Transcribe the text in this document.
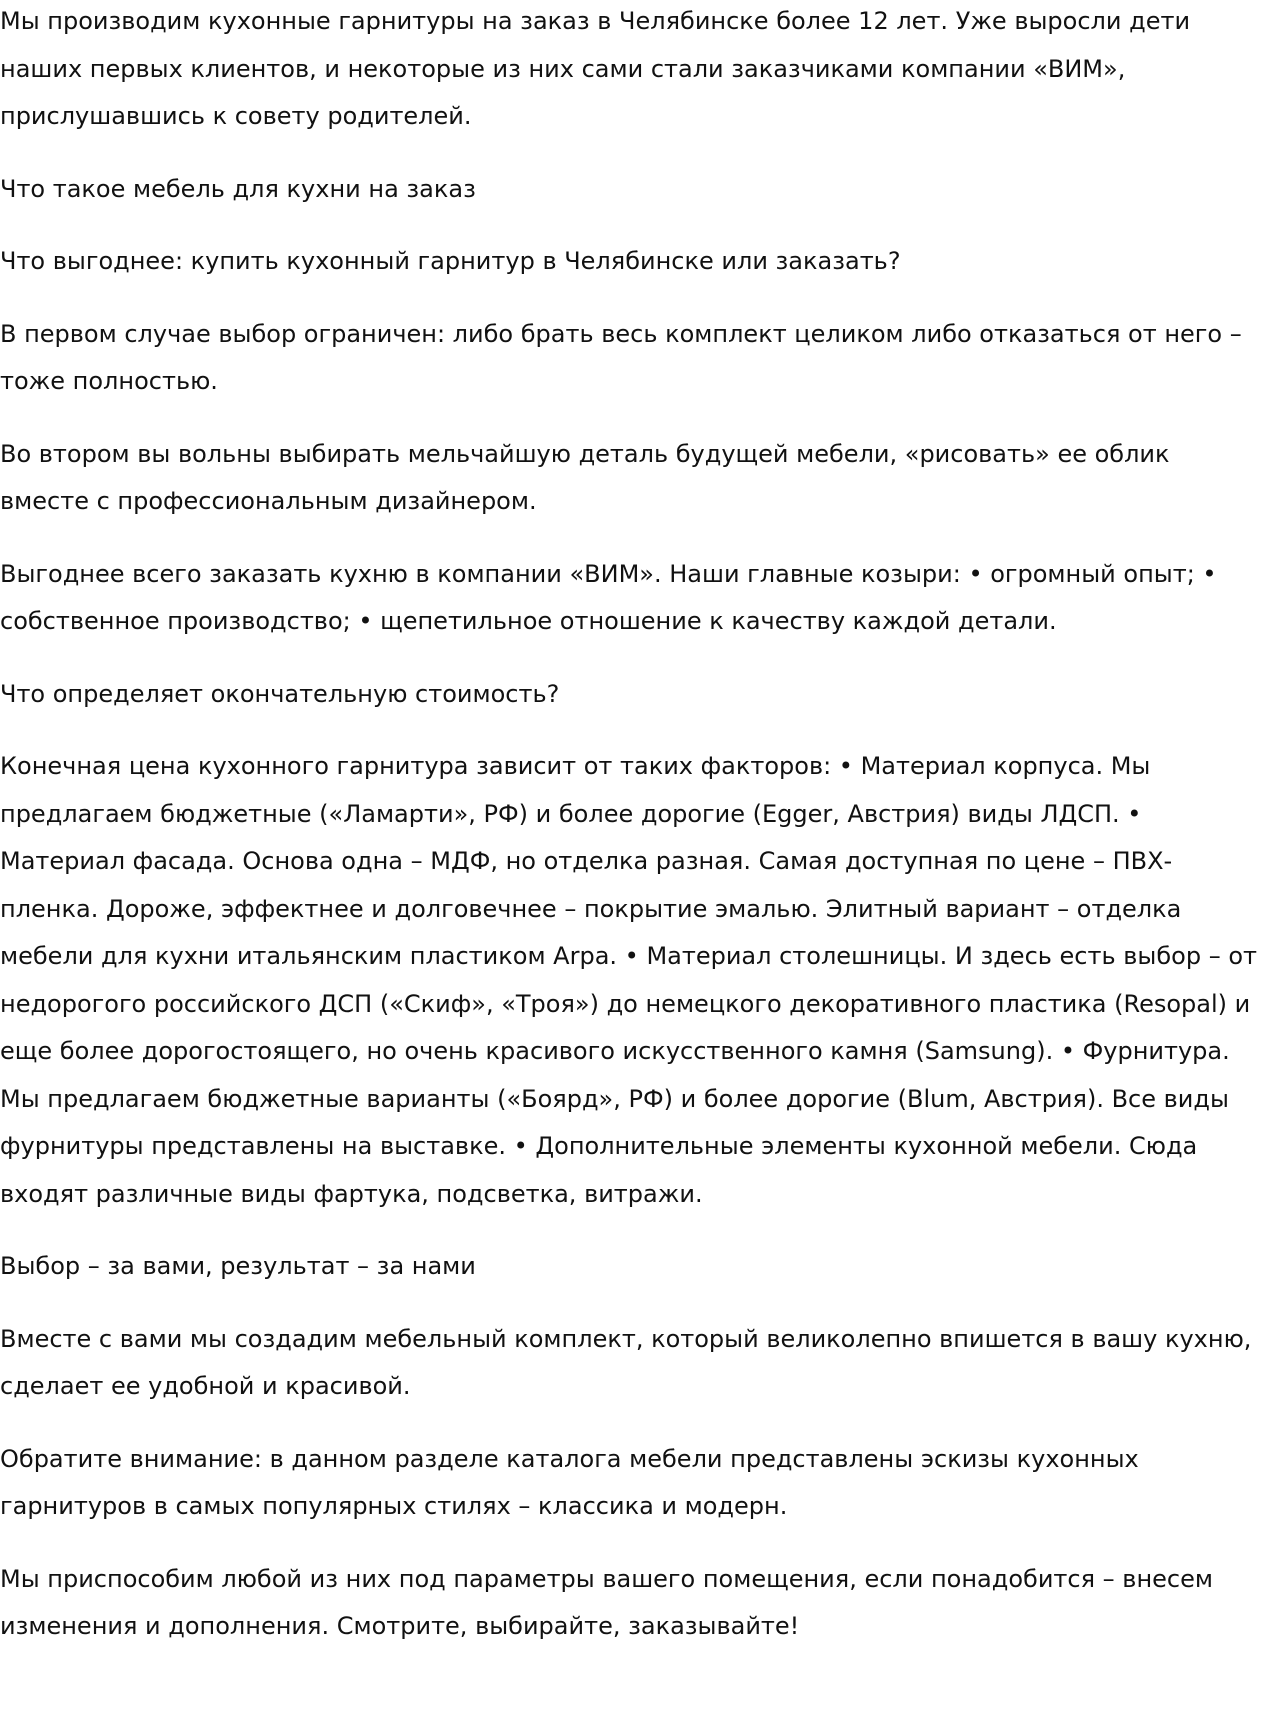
Мы производим кухонные гарнитуры на заказ в Челябинске более 12 лет. Уже выросли дети наших первых клиентов, и некоторые из них сами стали заказчиками компании «ВИМ», прислушавшись к совету родителей.

Что такое мебель для кухни на заказ

Что выгоднее: купить кухонный гарнитур в Челябинске или заказать?

В первом случае выбор ограничен: либо брать весь комплект целиком либо отказаться от него – тоже полностью.

Во втором вы вольны выбирать мельчайшую деталь будущей мебели, «рисовать» ее облик вместе с профессиональным дизайнером.

Выгоднее всего заказать кухню в компании «ВИМ». Наши главные козыри: • огромный опыт; • собственное производство; • щепетильное отношение к качеству каждой детали.

Что определяет окончательную стоимость?

Конечная цена кухонного гарнитура зависит от таких факторов: • Материал корпуса. Мы предлагаем бюджетные («Ламарти», РФ) и более дорогие (Egger, Австрия) виды ЛДСП. • Материал фасада. Основа одна – МДФ, но отделка разная. Самая доступная по цене – ПВХ-пленка. Дороже, эффектнее и долговечнее – покрытие эмалью. Элитный вариант – отделка мебели для кухни итальянским пластиком Arpa. • Материал столешницы. И здесь есть выбор – от недорогого российского ДСП («Скиф», «Троя») до немецкого декоративного пластика (Resopal) и еще более дорогостоящего, но очень красивого искусственного камня (Samsung). • Фурнитура. Мы предлагаем бюджетные варианты («Боярд», РФ) и более дорогие (Blum, Австрия). Все виды фурнитуры представлены на выставке. • Дополнительные элементы кухонной мебели. Сюда входят различные виды фартука, подсветка, витражи.

Выбор – за вами, результат – за нами

Вместе с вами мы создадим мебельный комплект, который великолепно впишется в вашу кухню, сделает ее удобной и красивой.

Обратите внимание: в данном разделе каталога мебели представлены эскизы кухонных гарнитуров в самых популярных стилях – классика и модерн.

Мы приспособим любой из них под параметры вашего помещения, если понадобится – внесем изменения и дополнения. Смотрите, выбирайте, заказывайте!
